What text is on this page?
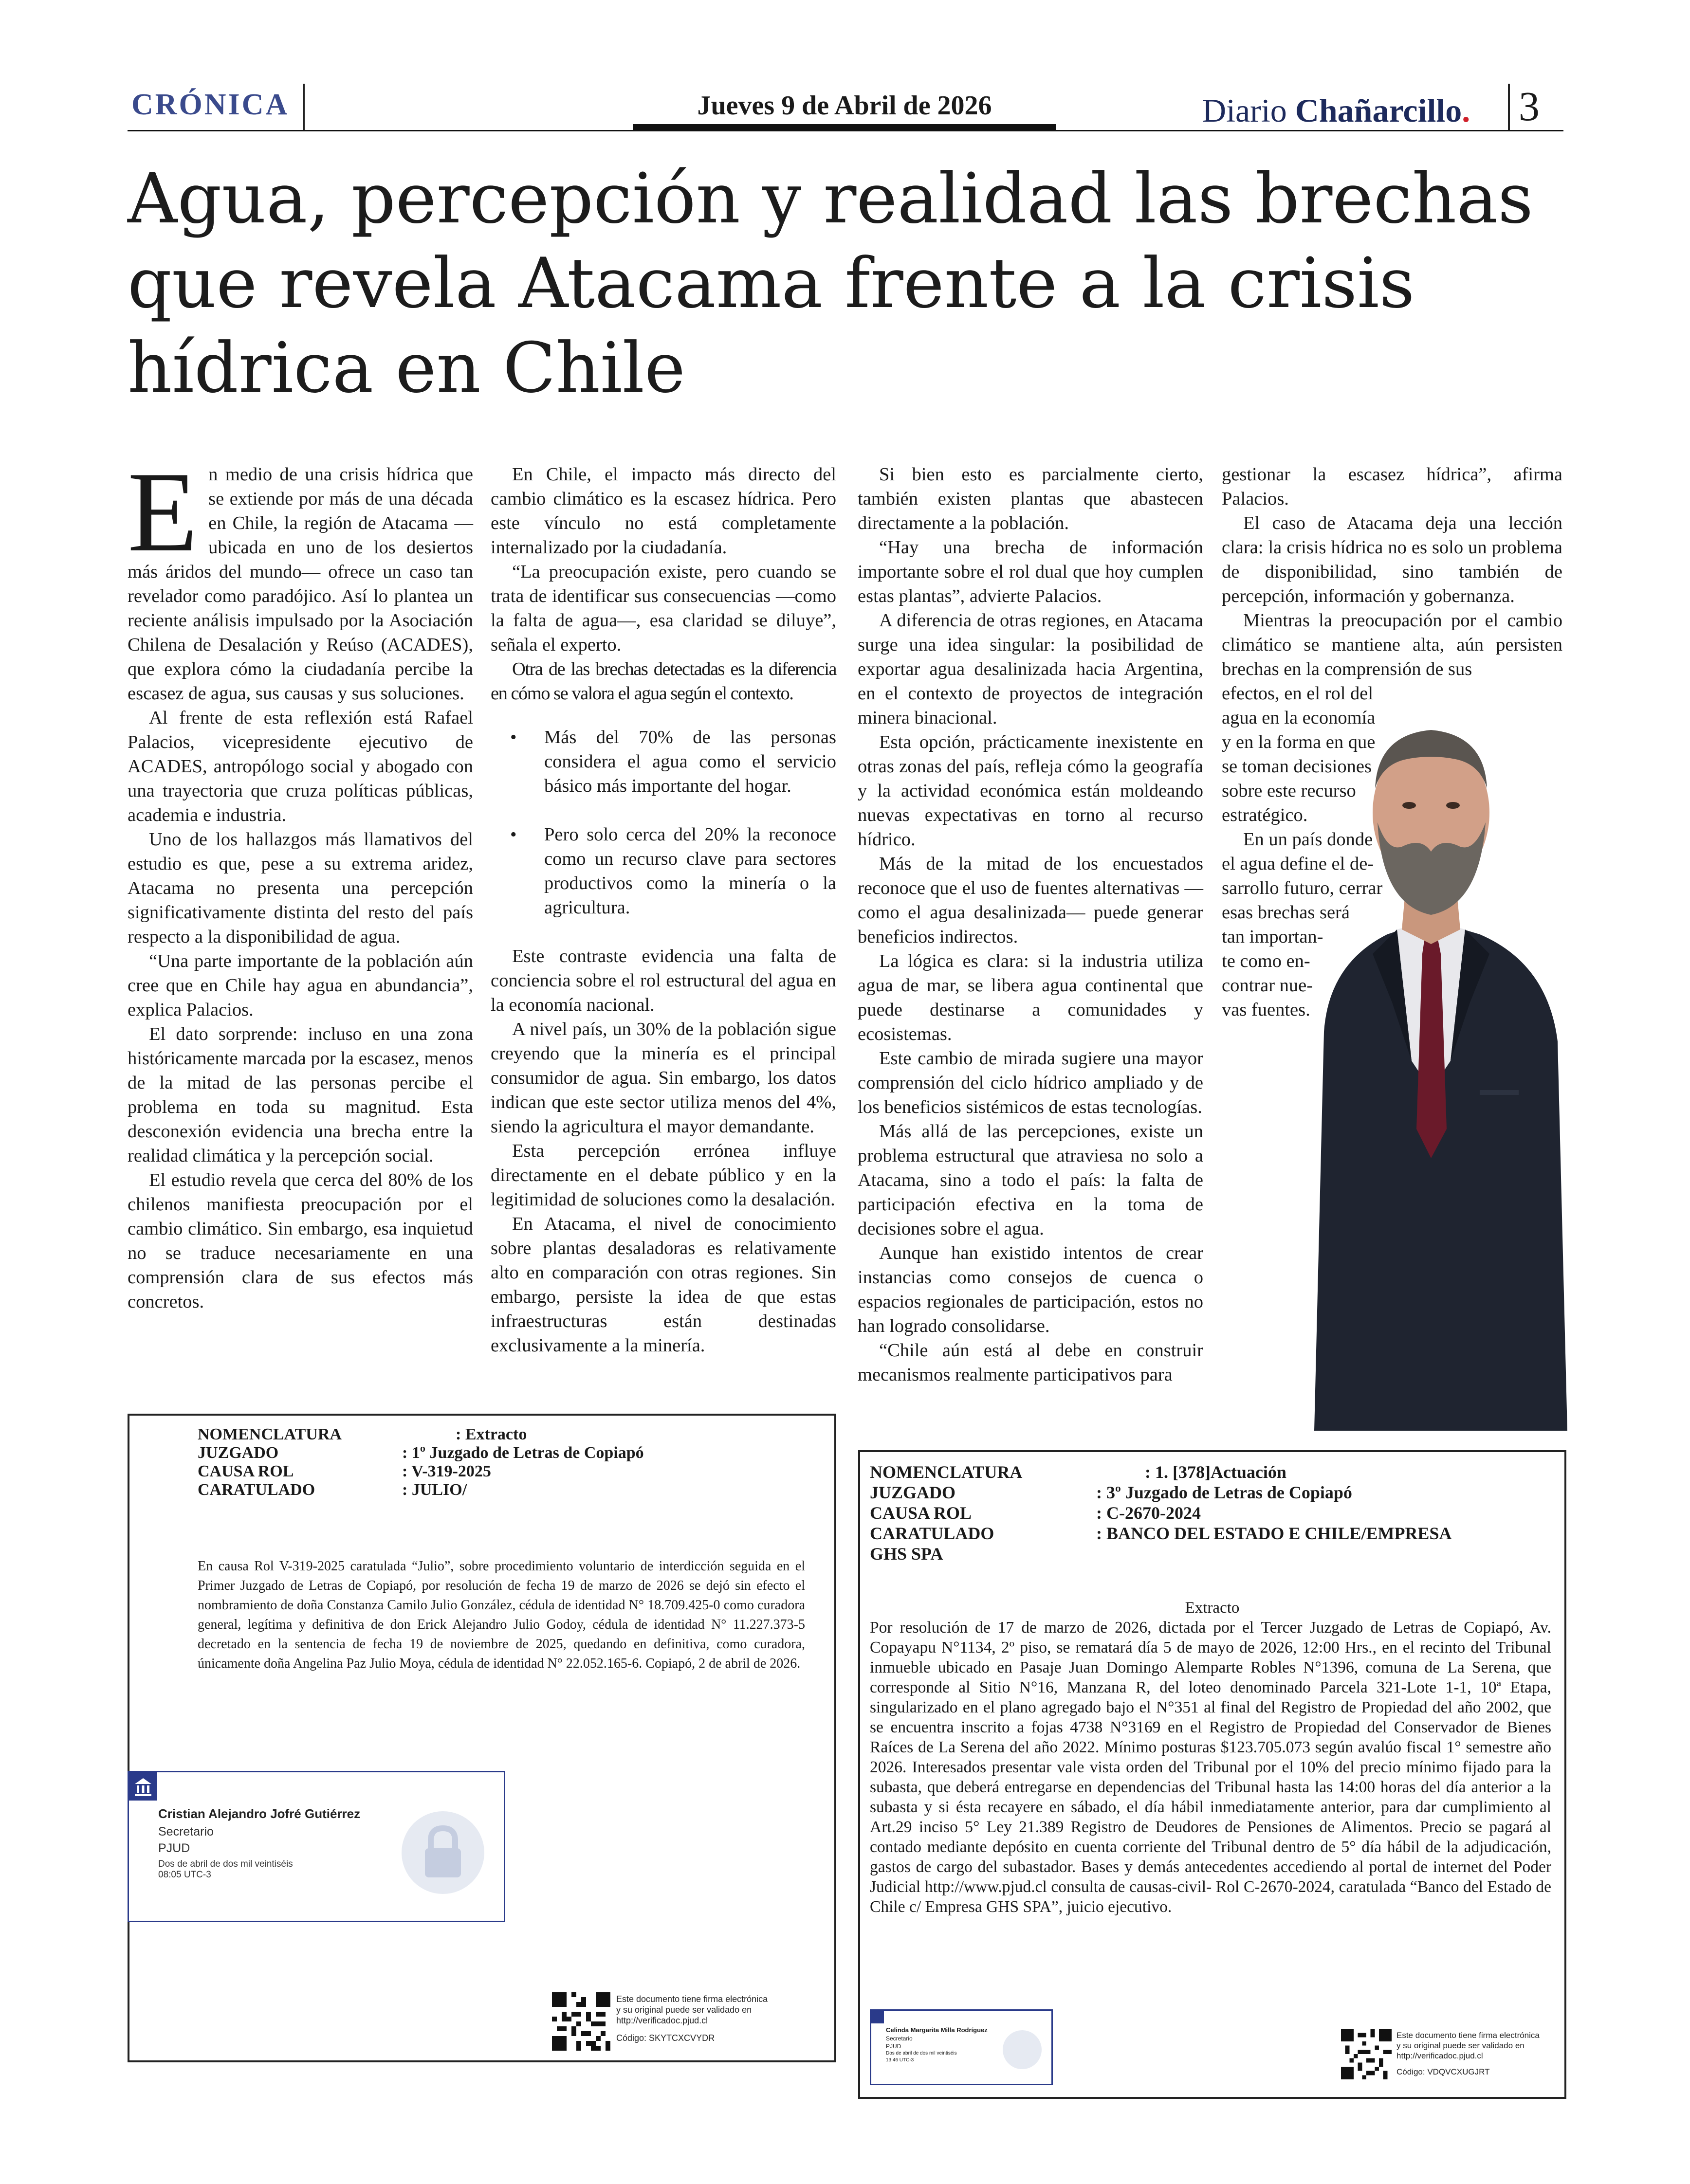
CRÓNICA	Jueves 9 de Abril de 2026	Diario Chañarcillo. 3
Agua, percepción y realidad las brechas que revela Atacama frente a la crisis hídrica en Chile

En medio de una crisis hídrica que se extiende por más de una década en Chile, la región de Atacama —ubicada en uno de los desiertos más áridos del mundo— ofrece un caso tan revelador como paradójico. Así lo plantea un reciente análisis impulsado por la Asociación Chilena de Desalación y Reúso (ACADES), que explora cómo la ciudadanía percibe la escasez de agua, sus causas y sus soluciones.

Al frente de esta reflexión está Rafael Palacios, vicepresidente ejecutivo de ACADES, antropólogo social y abogado con una trayectoria que cruza políticas públicas, academia e industria.

Uno de los hallazgos más llamativos del estudio es que, pese a su extrema aridez, Atacama no presenta una percepción significativamente distinta del resto del país respecto a la disponibilidad de agua.

“Una parte importante de la población aún cree que en Chile hay agua en abundancia”, explica Palacios.

El dato sorprende: incluso en una zona históricamente marcada por la escasez, menos de la mitad de las personas percibe el problema en toda su magnitud. Esta desconexión evidencia una brecha entre la realidad climática y la percepción social.

El estudio revela que cerca del 80% de los chilenos manifiesta preocupación por el cambio climático. Sin embargo, esa inquietud no se traduce necesariamente en una comprensión clara de sus efectos más concretos.

En Chile, el impacto más directo del cambio climático es la escasez hídrica. Pero este vínculo no está completamente internalizado por la ciudadanía.

“La preocupación existe, pero cuando se trata de identificar sus consecuencias —como la falta de agua—, esa claridad se diluye”, señala el experto.

Otra de las brechas detectadas es la diferencia en cómo se valora el agua según el contexto.

• Más del 70% de las personas considera el agua como el servicio básico más importante del hogar.
• Pero solo cerca del 20% la reconoce como un recurso clave para sectores productivos como la minería o la agricultura.

Este contraste evidencia una falta de conciencia sobre el rol estructural del agua en la economía nacional.

A nivel país, un 30% de la población sigue creyendo que la minería es el principal consumidor de agua. Sin embargo, los datos indican que este sector utiliza menos del 4%, siendo la agricultura el mayor demandante.

Esta percepción errónea influye directamente en el debate público y en la legitimidad de soluciones como la desalación.

En Atacama, el nivel de conocimiento sobre plantas desaladoras es relativamente alto en comparación con otras regiones. Sin embargo, persiste la idea de que estas infraestructuras están destinadas exclusivamente a la minería.

Si bien esto es parcialmente cierto, también existen plantas que abastecen directamente a la población.

“Hay una brecha de información importante sobre el rol dual que hoy cumplen estas plantas”, advierte Palacios.

A diferencia de otras regiones, en Atacama surge una idea singular: la posibilidad de exportar agua desalinizada hacia Argentina, en el contexto de proyectos de integración minera binacional.

Esta opción, prácticamente inexistente en otras zonas del país, refleja cómo la geografía y la actividad económica están moldeando nuevas expectativas en torno al recurso hídrico.

Más de la mitad de los encuestados reconoce que el uso de fuentes alternativas —como el agua desalinizada— puede generar beneficios indirectos.

La lógica es clara: si la industria utiliza agua de mar, se libera agua continental que puede destinarse a comunidades y ecosistemas.

Este cambio de mirada sugiere una mayor comprensión del ciclo hídrico ampliado y de los beneficios sistémicos de estas tecnologías.

Más allá de las percepciones, existe un problema estructural que atraviesa no solo a Atacama, sino a todo el país: la falta de participación efectiva en la toma de decisiones sobre el agua.

Aunque han existido intentos de crear instancias como consejos de cuenca o espacios regionales de participación, estos no han logrado consolidarse.

“Chile aún está al debe en construir mecanismos realmente participativos para

gestionar la escasez hídrica”, afirma Palacios.

El caso de Atacama deja una lección clara: la crisis hídrica no es solo un problema de disponibilidad, sino también de percepción, información y gobernanza.

Mientras la preocupación por el cambio climático se mantiene alta, aún persisten brechas en la comprensión de sus

efectos, en el rol del
agua en la economía
y en la forma en que
se toman decisiones
sobre este recurso
estratégico.
En un país donde
el agua define el de-
sarrollo futuro, cerrar
esas brechas será
tan importan-
te como en-
contrar nue-
vas fuentes.
NOMENCLATURA	: Extracto
JUZGADO	: 1º Juzgado de Letras de Copiapó
CAUSA ROL	: V-319-2025
CARATULADO	: JULIO/
En causa Rol V-319-2025 caratulada “Julio”, sobre procedimiento voluntario de interdicción seguida en el Primer Juzgado de Letras de Copiapó, por resolución de fecha 19 de marzo de 2026 se dejó sin efecto el nombramiento de doña Constanza Camilo Julio González, cédula de identidad N° 18.709.425-0 como curadora general, legítima y definitiva de don Erick Alejandro Julio Godoy, cédula de identidad N° 11.227.373-5 decretado en la sentencia de fecha 19 de noviembre de 2025, quedando en definitiva, como curadora, únicamente doña Angelina Paz Julio Moya, cédula de identidad N° 22.052.165-6. Copiapó, 2 de abril de 2026.
Cristian Alejandro Jofré Gutiérrez
Secretario
PJUD
Dos de abril de dos mil veintiséis
08:05 UTC-3
Este documento tiene firma electrónica
y su original puede ser validado en
http://verificadoc.pjud.cl
Código: SKYTCXCVYDR
NOMENCLATURA	: 1. [378]Actuación
JUZGADO	: 3º Juzgado de Letras de Copiapó
CAUSA ROL	: C-2670-2024
CARATULADO	: BANCO DEL ESTADO E CHILE/EMPRESA
GHS SPA
Extracto
Por resolución de 17 de marzo de 2026, dictada por el Tercer Juzgado de Letras de Copiapó, Av. Copayapu N°1134, 2º piso, se rematará día 5 de mayo de 2026, 12:00 Hrs., en el recinto del Tribunal inmueble ubicado en Pasaje Juan Domingo Alemparte Robles N°1396, comuna de La Serena, que corresponde al Sitio N°16, Manzana R, del loteo denominado Parcela 321-Lote 1-1, 10ª Etapa, singularizado en el plano agregado bajo el N°351 al final del Registro de Propiedad del año 2002, que se encuentra inscrito a fojas 4738 N°3169 en el Registro de Propiedad del Conservador de Bienes Raíces de La Serena del año 2022. Mínimo posturas $123.705.073 según avalúo fiscal 1° semestre año 2026. Interesados presentar vale vista orden del Tribunal por el 10% del precio mínimo fijado para la subasta, que deberá entregarse en dependencias del Tribunal hasta las 14:00 horas del día anterior a la subasta y si ésta recayere en sábado, el día hábil inmediatamente anterior, para dar cumplimiento al Art.29 inciso 5° Ley 21.389 Registro de Deudores de Pensiones de Alimentos. Precio se pagará al contado mediante depósito en cuenta corriente del Tribunal dentro de 5° día hábil de la adjudicación, gastos de cargo del subastador. Bases y demás antecedentes accediendo al portal de internet del Poder Judicial http://www.pjud.cl consulta de causas-civil- Rol C-2670-2024, caratulada “Banco del Estado de Chile c/ Empresa GHS SPA”, juicio ejecutivo.
Celinda Margarita Milla Rodríguez
Secretario
PJUD
Dos de abril de dos mil veintiséis
13:46 UTC-3
Este documento tiene firma electrónica
y su original puede ser validado en
http://verificadoc.pjud.cl
Código: VDQVCXUGJRT
